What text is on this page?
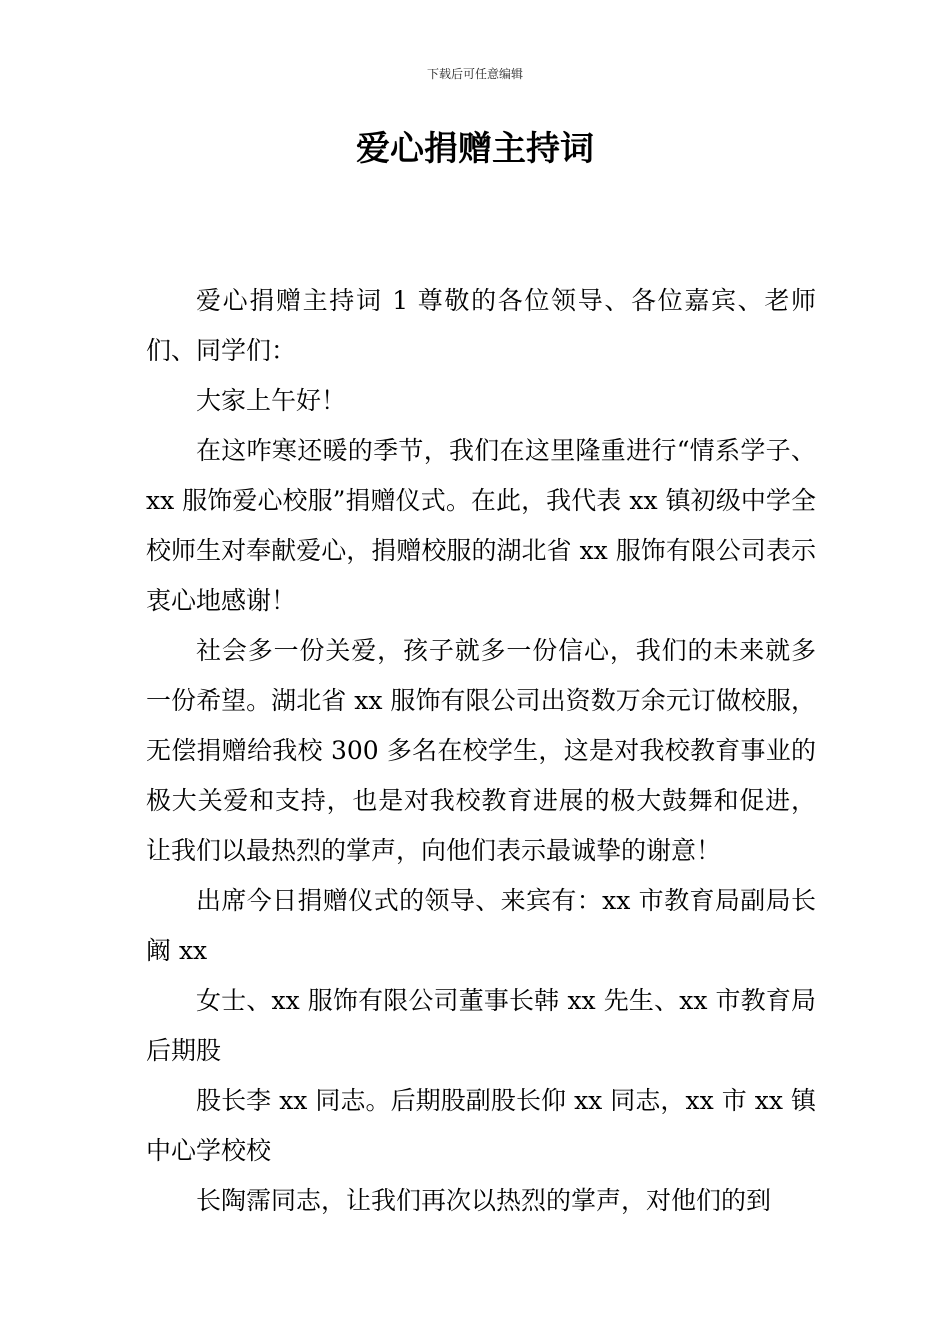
下载后可任意编辑
爱心捐赠主持词

爱心捐赠主持词 1 尊敬的各位领导、各位嘉宾、老师们、同学们：

大家上午好！

在这咋寒还暖的季节，我们在这里隆重进行“情系学子、xx 服饰爱心校服”捐赠仪式。在此，我代表 xx 镇初级中学全校师生对奉献爱心，捐赠校服的湖北省 xx 服饰有限公司表示衷心地感谢！

社会多一份关爱，孩子就多一份信心，我们的未来就多一份希望。湖北省 xx 服饰有限公司出资数万余元订做校服，无偿捐赠给我校 300 多名在校学生，这是对我校教育事业的极大关爱和支持，也是对我校教育进展的极大鼓舞和促进，让我们以最热烈的掌声，向他们表示最诚挚的谢意！

出席今日捐赠仪式的领导、来宾有：xx 市教育局副局长阚 xx

女士、xx 服饰有限公司董事长韩 xx 先生、xx 市教育局后期股

股长李 xx 同志。后期股副股长仰 xx 同志，xx 市 xx 镇中心学校校

长陶霈同志，让我们再次以热烈的掌声，对他们的到
